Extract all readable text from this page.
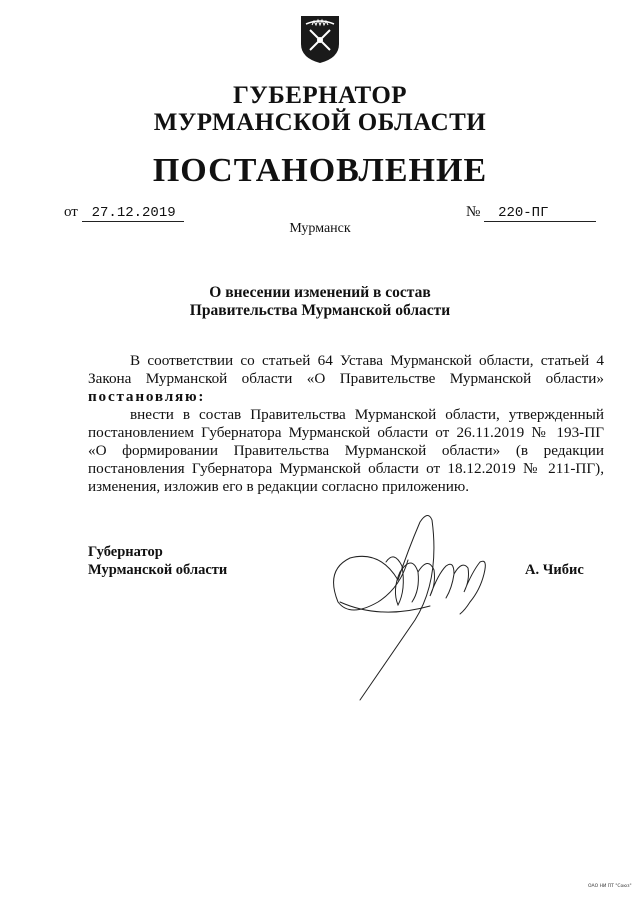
ГУБЕРНАТОР
МУРМАНСКОЙ ОБЛАСТИ
ПОСТАНОВЛЕНИЕ
от 27.12.2019	№ 220-ПГ
Мурманск
О внесении изменений в состав
Правительства Мурманской области
В соответствии со статьей 64 Устава Мурманской области, статьей 4
Закона Мурманской области «О Правительстве Мурманской области»
постановляю:
внести в состав Правительства Мурманской области, утвержденный
постановлением Губернатора Мурманской области от 26.11.2019 № 193-ПГ
«О формировании Правительства Мурманской области» (в редакции
постановления Губернатора Мурманской области от 18.12.2019 № 211-ПГ),
изменения, изложив его в редакции согласно приложению.
Губернатор
Мурманской области	А. Чибис
ОАО НИ ПТ "Союз"
